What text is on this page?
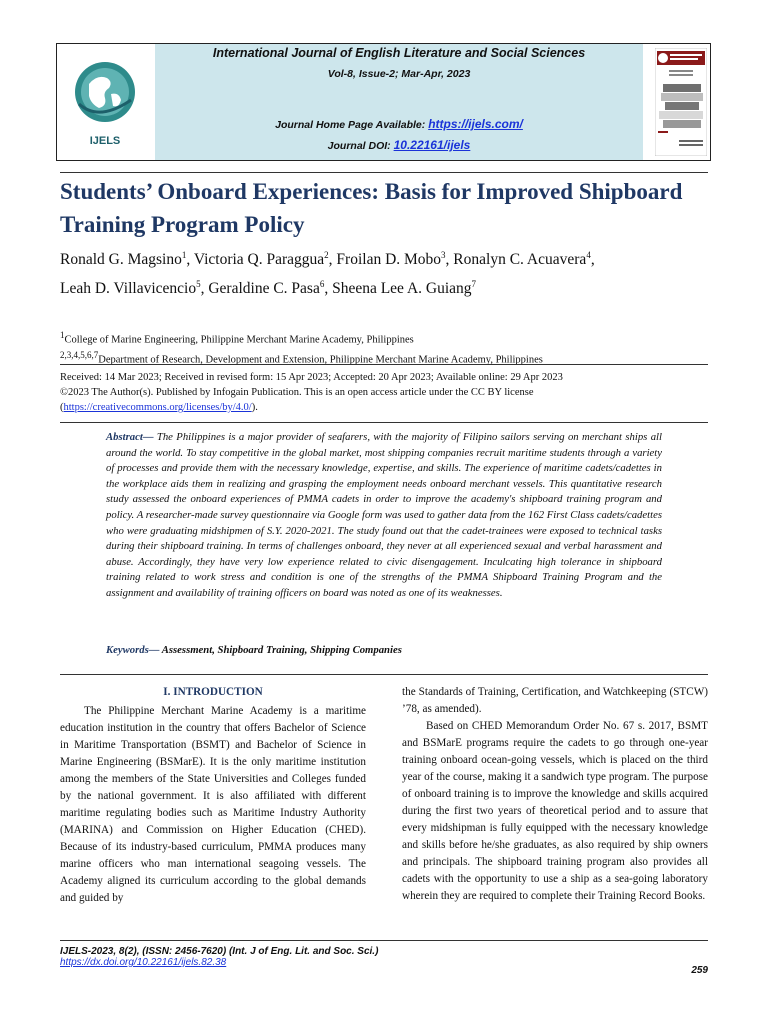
IJELS
International Journal of English Literature and Social Sciences
Vol-8, Issue-2; Mar-Apr, 2023
Journal Home Page Available: https://ijels.com/
Journal DOI: 10.22161/ijels
Students’ Onboard Experiences: Basis for Improved Shipboard Training Program Policy
Ronald G. Magsino$^1$, Victoria Q. Paraggua$^2$, Froilan D. Mobo$^3$, Ronalyn C. Acuavera$^4$,
Leah D. Villavicencio$^5$, Geraldine C. Pasa$^6$, Sheena Lee A. Guiang$^7$
$^1$College of Marine Engineering, Philippine Merchant Marine Academy, Philippines
$^{2,3,4,5,6,7}$Department of Research, Development and Extension, Philippine Merchant Marine Academy, Philippines
Received: 14 Mar 2023; Received in revised form: 15 Apr 2023; Accepted: 20 Apr 2023; Available online: 29 Apr 2023
©2023 The Author(s). Published by Infogain Publication. This is an open access article under the CC BY license
(https://creativecommons.org/licenses/by/4.0/).
Abstract— The Philippines is a major provider of seafarers, with the majority of Filipino sailors serving on merchant ships all around the world. To stay competitive in the global market, most shipping companies recruit maritime students through a variety of processes and provide them with the necessary knowledge, expertise, and skills. The experience of maritime cadets/cadettes in the workplace aids them in realizing and grasping the employment needs onboard merchant vessels. This quantitative research study assessed the onboard experiences of PMMA cadets in order to improve the academy's shipboard training program and policy. A researcher-made survey questionnaire via Google form was used to gather data from the 162 First Class cadets/cadettes who were graduating midshipmen of S.Y. 2020-2021. The study found out that the cadet-trainees were exposed to technical tasks during their shipboard training. In terms of challenges onboard, they never at all experienced sexual and verbal harassment and abuse. Accordingly, they have very low experience related to civic disengagement. Inculcating high tolerance in shipboard training related to work stress and condition is one of the strengths of the PMMA Shipboard Training Program and the assignment and availability of training officers on board was noted as one of its weaknesses.
Keywords— Assessment, Shipboard Training, Shipping Companies
I. INTRODUCTION

The Philippine Merchant Marine Academy is a maritime education institution in the country that offers Bachelor of Science in Maritime Transportation (BSMT) and Bachelor of Science in Marine Engineering (BSMarE). It is the only maritime institution among the members of the State Universities and Colleges funded by the national government. It is also affiliated with different maritime regulating bodies such as Maritime Industry Authority (MARINA) and Commission on Higher Education (CHED). Because of its industry-based curriculum, PMMA produces many marine officers who man international seagoing vessels. The Academy aligned its curriculum according to the global demands and guided by

the Standards of Training, Certification, and Watchkeeping (STCW) ’78, as amended).

Based on CHED Memorandum Order No. 67 s. 2017, BSMT and BSMarE programs require the cadets to go through one-year training onboard ocean-going vessels, which is placed on the third year of the course, making it a sandwich type program. The purpose of onboard training is to improve the knowledge and skills acquired during the first two years of theoretical period and to assure that every midshipman is fully equipped with the necessary knowledge and skills before he/she graduates, as also required by ship owners and principals. The shipboard training program also provides all cadets with the opportunity to use a ship as a sea-going laboratory wherein they are required to complete their Training Record Books.

IJELS-2023, 8(2), (ISSN: 2456-7620) (Int. J of Eng. Lit. and Soc. Sci.)
https://dx.doi.org/10.22161/ijels.82.38
259
